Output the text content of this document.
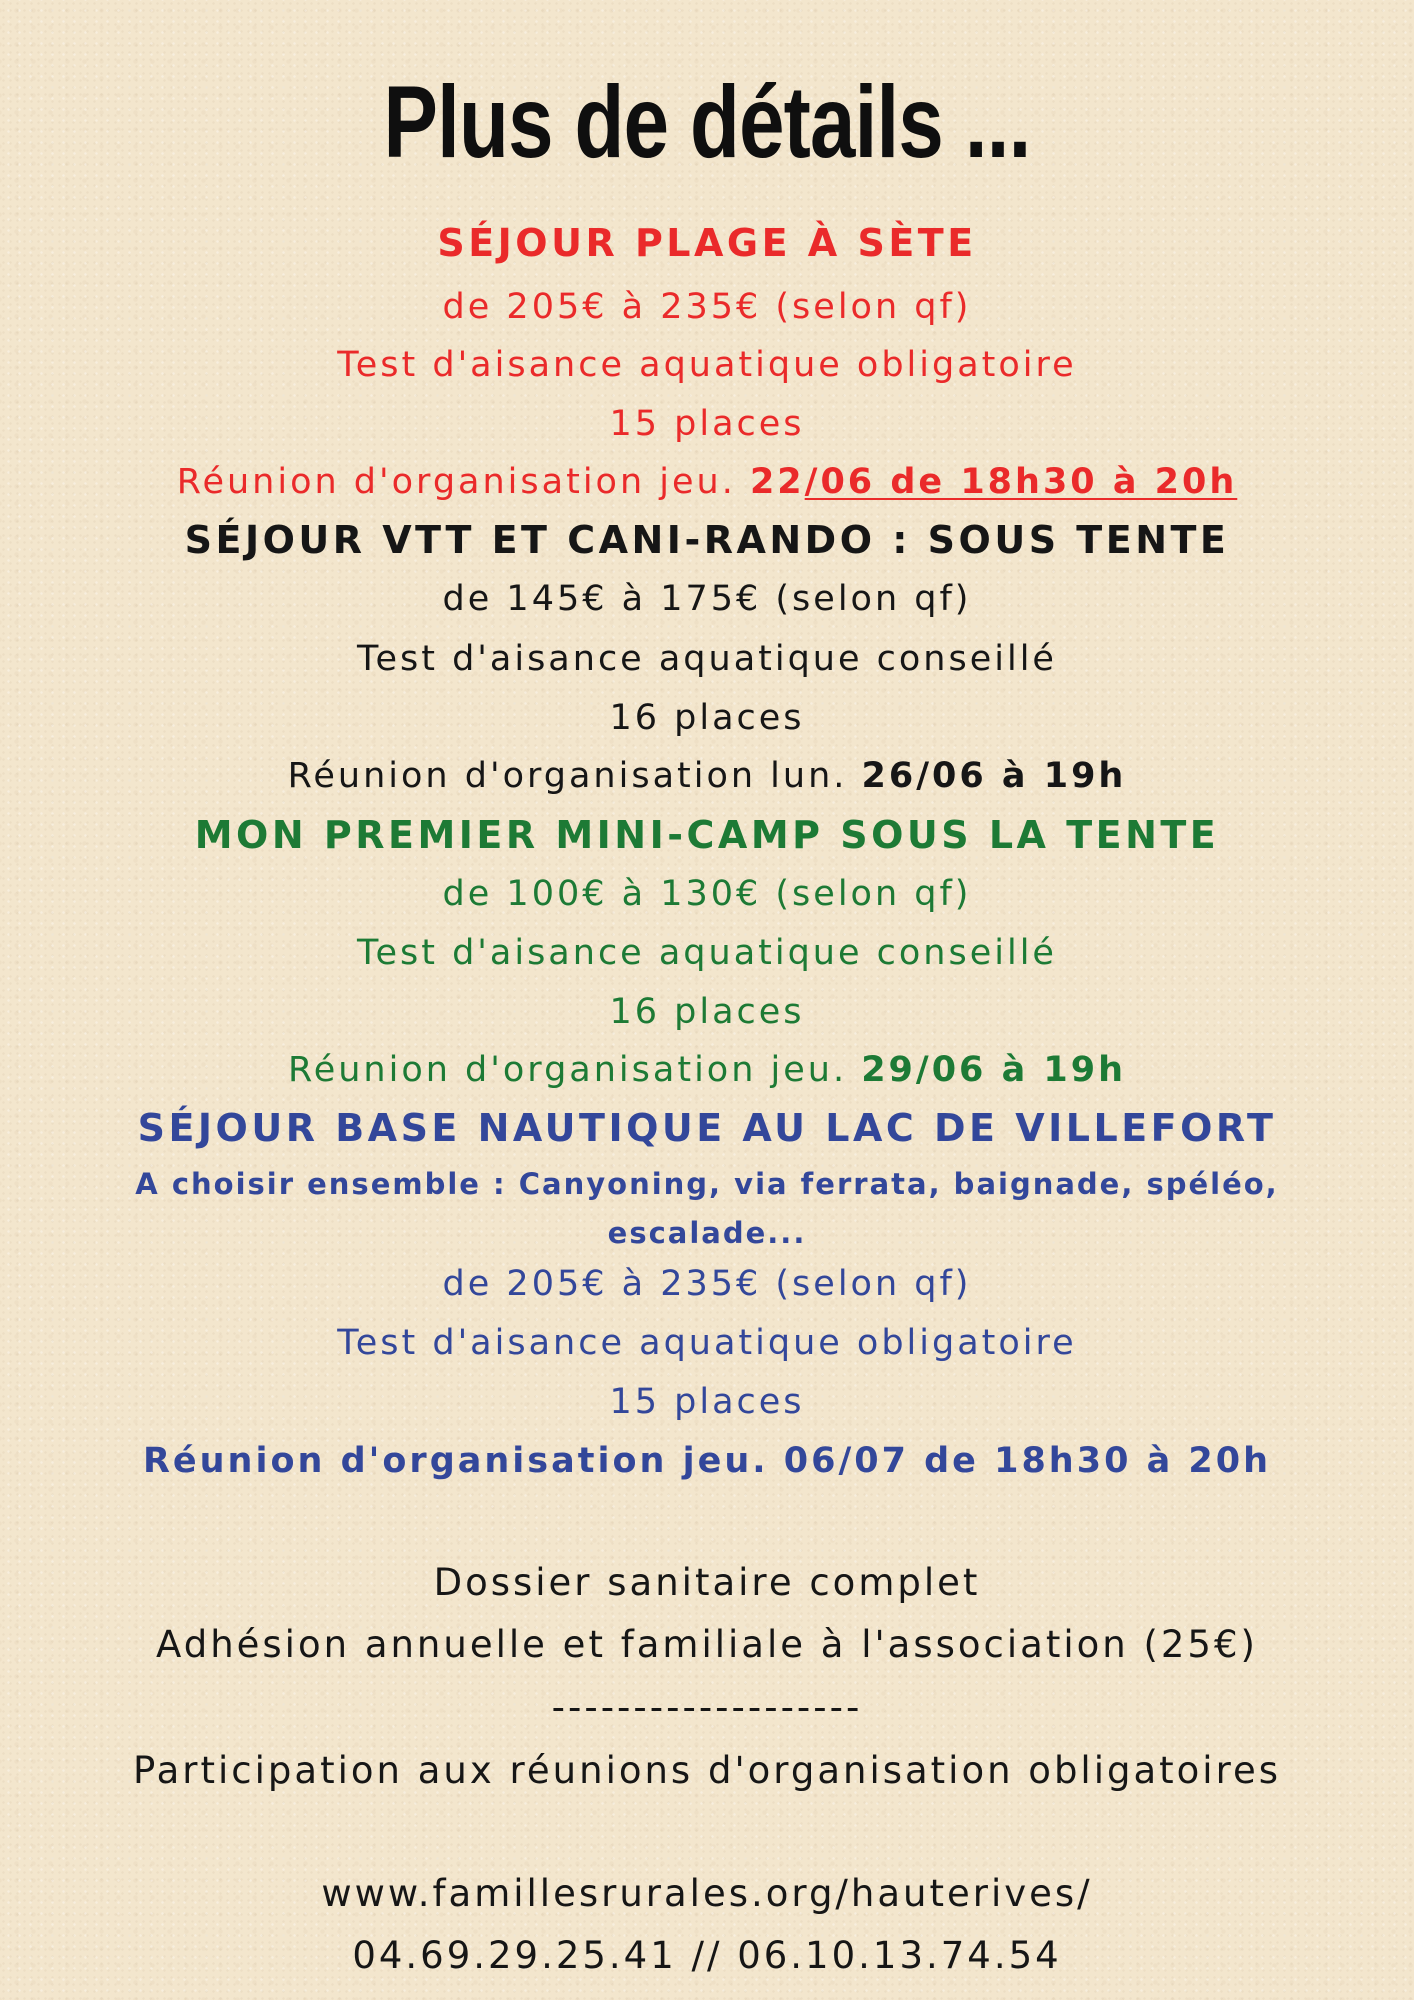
Plus de détails ...
SÉJOUR PLAGE À SÈTE
de 205€ à 235€ (selon qf)
Test d'aisance aquatique obligatoire
15 places
Réunion d'organisation jeu. 22/06 de 18h30 à 20h
SÉJOUR VTT ET CANI-RANDO : SOUS TENTE
de 145€ à 175€ (selon qf)
Test d'aisance aquatique conseillé
16 places
Réunion d'organisation lun. 26/06 à 19h
MON PREMIER MINI-CAMP SOUS LA TENTE
de 100€ à 130€ (selon qf)
Test d'aisance aquatique conseillé
16 places
Réunion d'organisation jeu. 29/06 à 19h
SÉJOUR BASE NAUTIQUE AU LAC DE VILLEFORT
A choisir ensemble : Canyoning, via ferrata, baignade, spéléo,
escalade...
de 205€ à 235€ (selon qf)
Test d'aisance aquatique obligatoire
15 places
Réunion d'organisation jeu. 06/07 de 18h30 à 20h
Dossier sanitaire complet
Adhésion annuelle et familiale à l'association (25€)
-------------------
Participation aux réunions d'organisation obligatoires
www.famillesrurales.org/hauterives/
04.69.29.25.41 // 06.10.13.74.54
